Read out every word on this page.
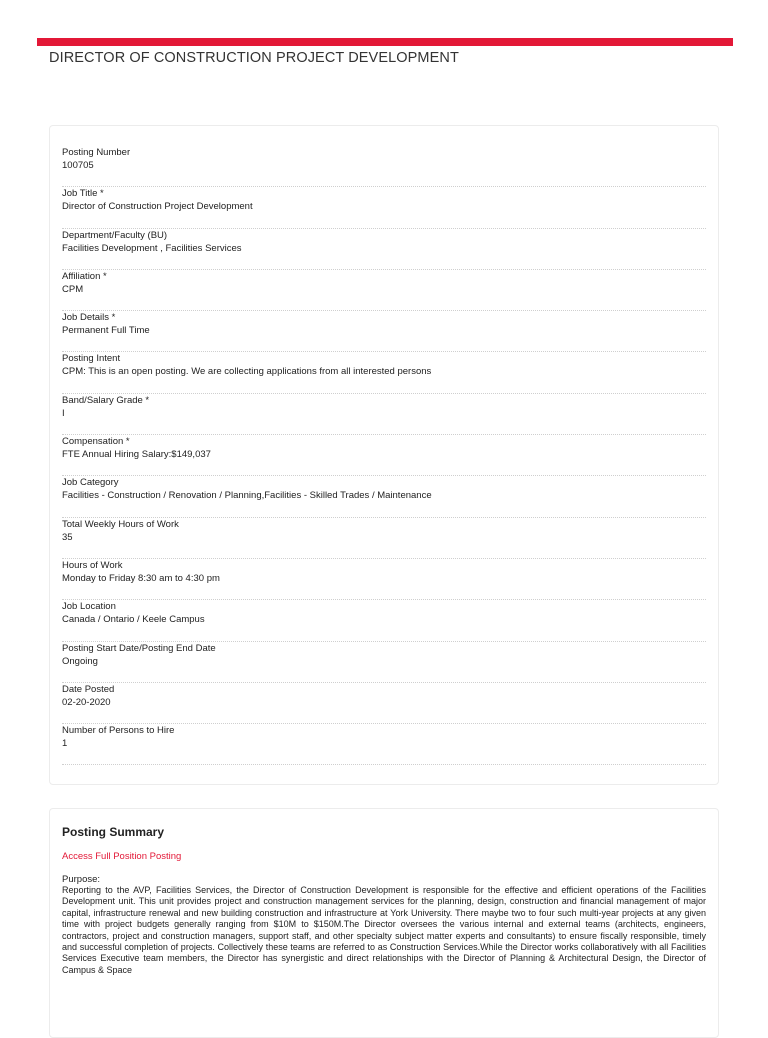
DIRECTOR OF CONSTRUCTION PROJECT DEVELOPMENT
Posting Number
100705
Job Title *
Director of Construction Project Development
Department/Faculty (BU)
Facilities Development , Facilities Services
Affiliation *
CPM
Job Details *
Permanent Full Time
Posting Intent
CPM: This is an open posting. We are collecting applications from all interested persons
Band/Salary Grade *
I
Compensation *
FTE Annual Hiring Salary:$149,037
Job Category
Facilities - Construction / Renovation / Planning,Facilities - Skilled Trades / Maintenance
Total Weekly Hours of Work
35
Hours of Work
Monday to Friday 8:30 am to 4:30 pm
Job Location
Canada / Ontario / Keele Campus
Posting Start Date/Posting End Date
Ongoing
Date Posted
02-20-2020
Number of Persons to Hire
1
Posting Summary
Access Full Position Posting
Purpose:
Reporting to the AVP, Facilities Services, the Director of Construction Development is responsible for the effective and efficient operations of the Facilities Development unit. This unit provides project and construction management services for the planning, design, construction and financial management of major capital, infrastructure renewal and new building construction and infrastructure at York University. There maybe two to four such multi-year projects at any given time with project budgets generally ranging from $10M to $150M.The Director oversees the various internal and external teams (architects, engineers, contractors, project and construction managers, support staff, and other specialty subject matter experts and consultants) to ensure fiscally responsible, timely and successful completion of projects. Collectively these teams are referred to as Construction Services.While the Director works collaboratively with all Facilities Services Executive team members, the Director has synergistic and direct relationships with the Director of Planning & Architectural Design, the Director of Campus & Space
